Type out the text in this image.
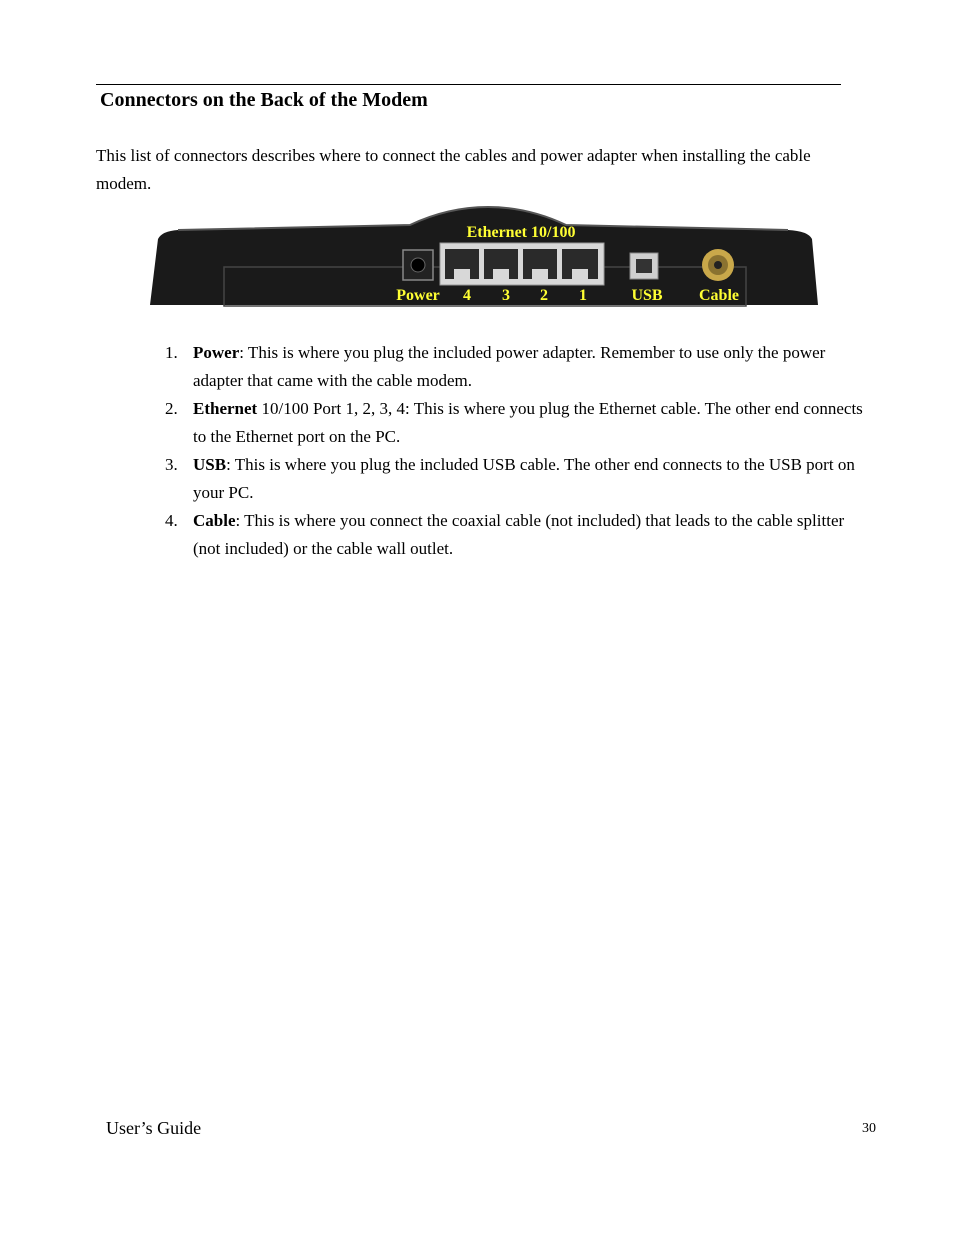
Connectors on the Back of the Modem

This list of connectors describes where to connect the cables and power adapter when installing the cable modem.

Ethernet 10/100
Power 4 3 2 1	USB Cable
1. Power: This is where you plug the included power adapter. Remember to use only the power adapter that came with the cable modem.
2. Ethernet 10/100 Port 1, 2, 3, 4: This is where you plug the Ethernet cable. The other end connects to the Ethernet port on the PC.
3. USB: This is where you plug the included USB cable. The other end connects to the USB port on your PC.
4. Cable: This is where you connect the coaxial cable (not included) that leads to the cable splitter (not included) or the cable wall outlet.
User’s Guide	30
